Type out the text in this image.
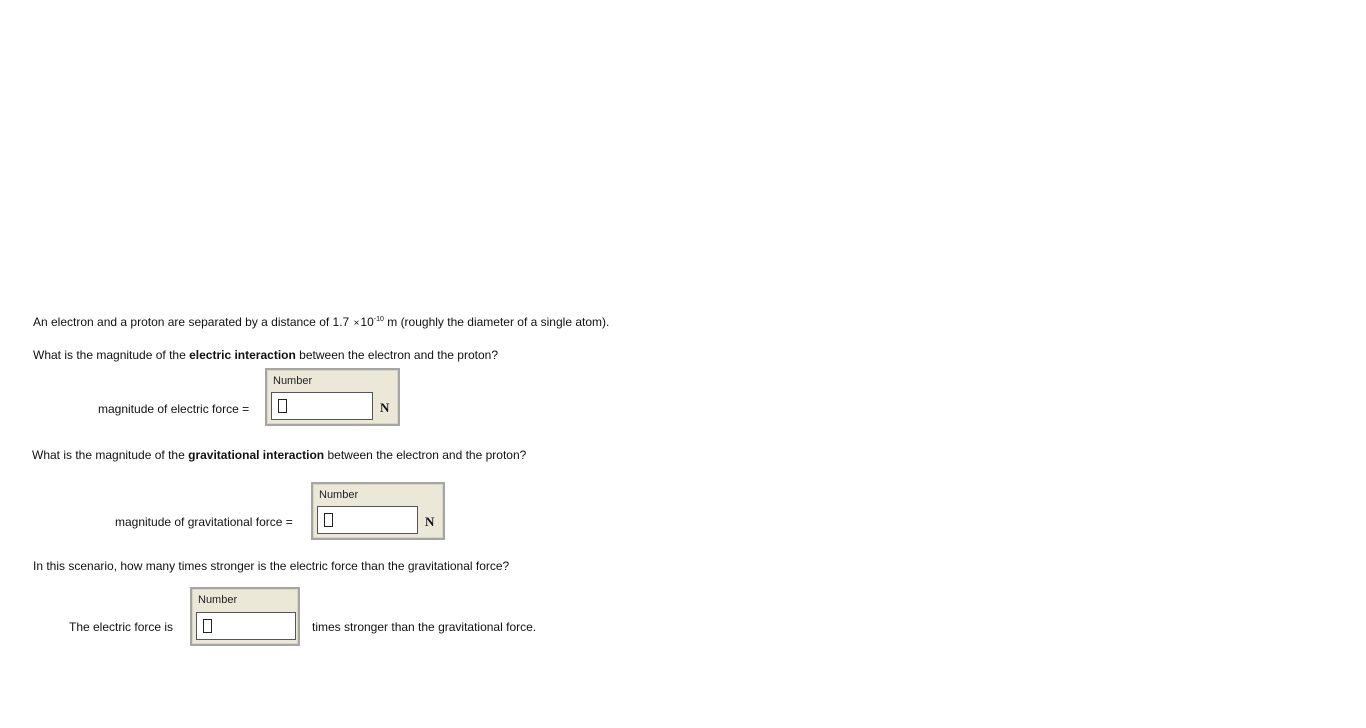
An electron and a proton are separated by a distance of $1.7 \times 10^{-10}$ m (roughly the diameter of a single atom).
What is the magnitude of the electric interaction between the electron and the proton?
magnitude of electric force =
Number
N
What is the magnitude of the gravitational interaction between the electron and the proton?
magnitude of gravitational force =
Number
N
In this scenario, how many times stronger is the electric force than the gravitational force?
The electric force is
Number
times stronger than the gravitational force.
